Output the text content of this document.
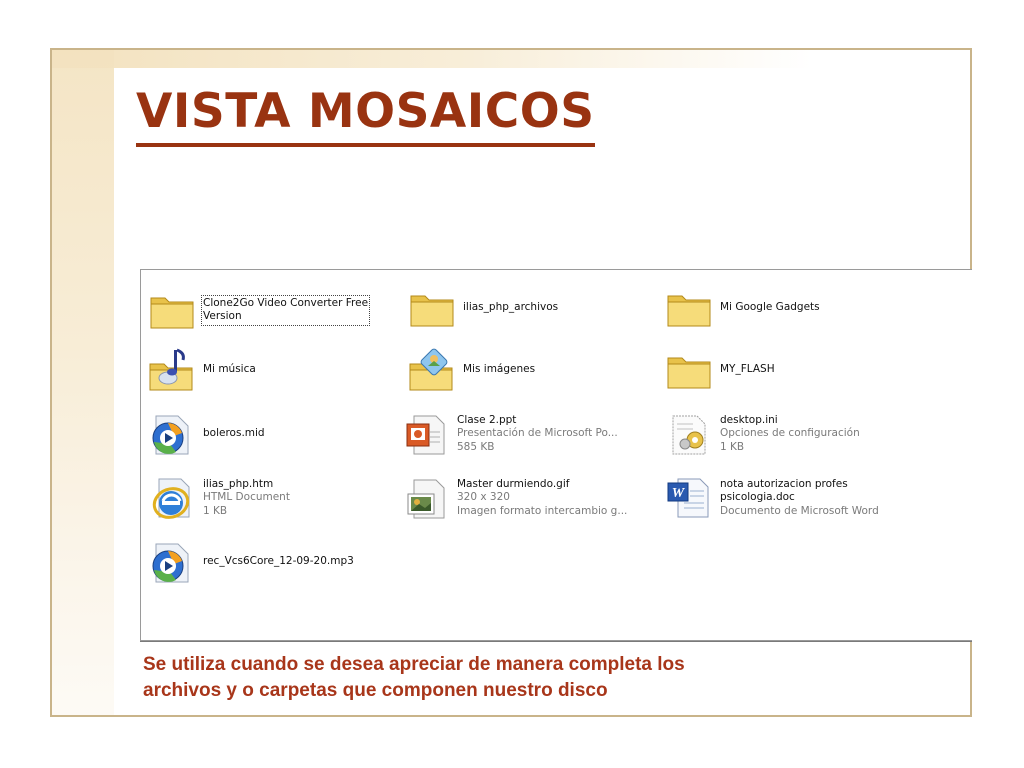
VISTA MOSAICOS
Clone2Go Video Converter Free
Version
ilias_php_archivos	Mi Google Gadgets
Mi música	Mis imágenes	MY_FLASH
boleros.mid
Clase 2.ppt
Presentación de Microsoft Po...
585 KB
desktop.ini
Opciones de configuración
1 KB
ilias_php.htm
HTML Document
1 KB
Master durmiendo.gif
320 x 320
Imagen formato intercambio g...
W
nota autorizacion profes
psicologia.doc
Documento de Microsoft Word
rec_Vcs6Core_12-09-20.mp3
Se utiliza cuando se desea apreciar de manera completa los
archivos y o carpetas que componen nuestro disco
